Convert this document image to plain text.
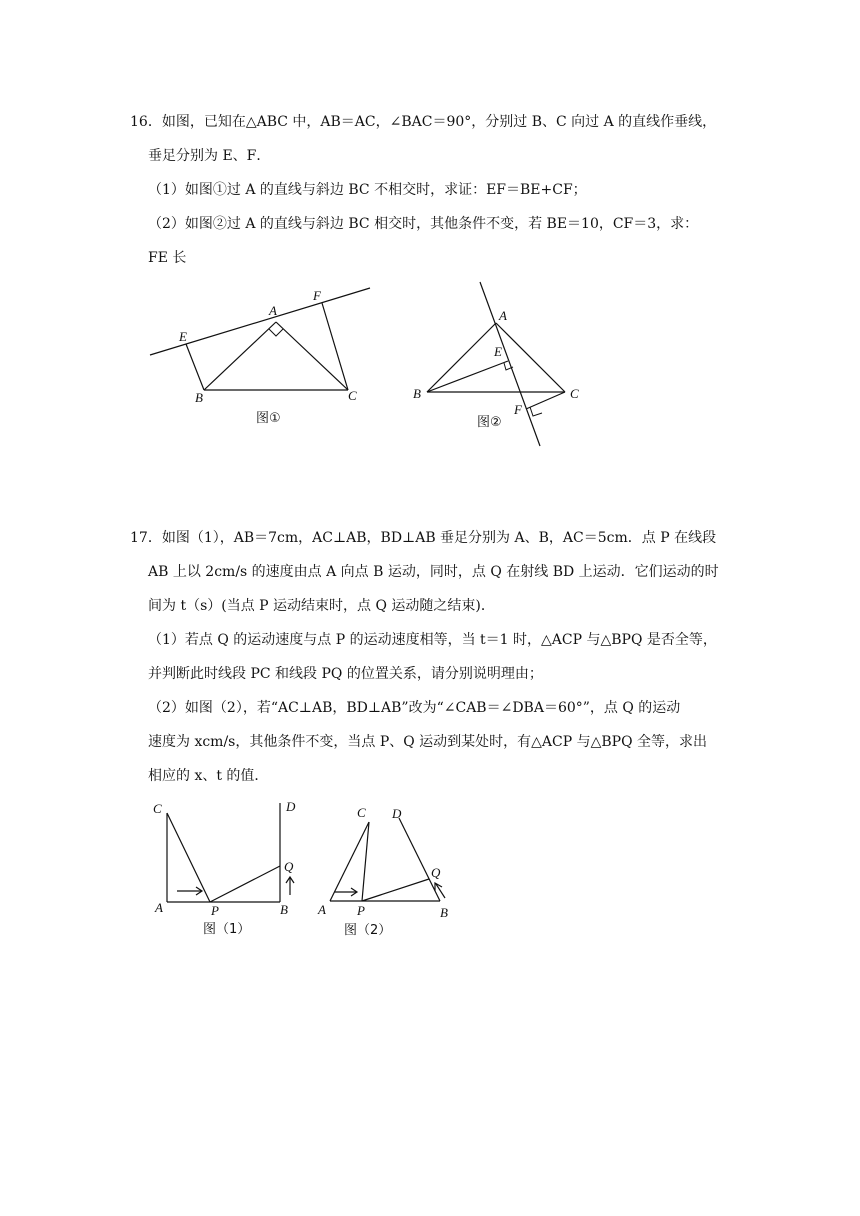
16．如图，已知在△ABC 中，AB＝AC，∠BAC＝90°，分别过 B、C 向过 A 的直线作垂线，
垂足分别为 E、F．
（1）如图①过 A 的直线与斜边 BC 不相交时，求证：EF＝BE+CF；
（2）如图②过 A 的直线与斜边 BC 相交时，其他条件不变，若 BE＝10，CF＝3，求：
FE 长
E
A
F
B	C
图①
A
E
B	C
F
图②
17．如图（1），AB＝7cm，AC⊥AB，BD⊥AB 垂足分别为 A、B，AC＝5cm．点 P 在线段
AB 上以 2cm/s 的速度由点 A 向点 B 运动，同时，点 Q 在射线 BD 上运动．它们运动的时
间为 t（s）(当点 P 运动结束时，点 Q 运动随之结束)．
（1）若点 Q 的运动速度与点 P 的运动速度相等，当 t＝1 时，△ACP 与△BPQ 是否全等，
并判断此时线段 PC 和线段 PQ 的位置关系，请分别说明理由；
（2）如图（2），若“AC⊥AB，BD⊥AB”改为“∠CAB＝∠DBA＝60°”，点 Q 的运动
速度为 xcm/s，其他条件不变，当点 P、Q 运动到某处时，有△ACP 与△BPQ 全等，求出
相应的 x、t 的值．
C	D
Q
A	P	B
图（1）
C D
Q
A P	B
图（2）
